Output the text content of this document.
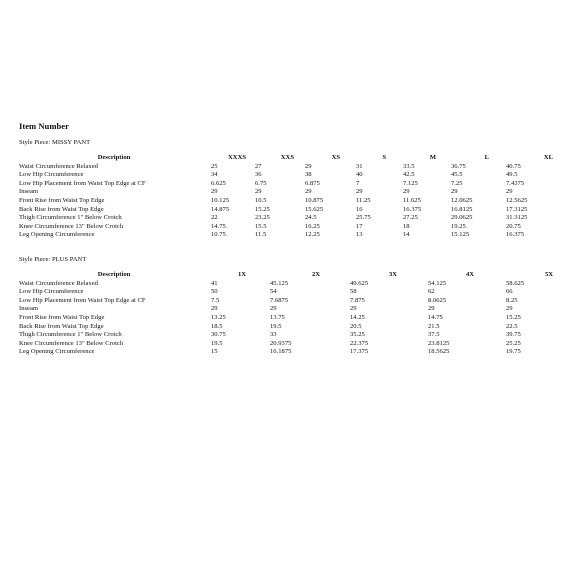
Item Number
Style Piece: MISSY PANT
Description	XXXS	XXS	XS	S	M	L	XL
Waist Circumference Relaxed	25	27	29	31	33.5	36.75	40.75
Low Hip Circumference	34	36	38	40	42.5	45.5	49.5
Low Hip Placement from Waist Top Edge at CF	6.625	6.75	6.875	7	7.125	7.25	7.4375
Inseam	29	29	29	29	29	29	29
Front Rise from Waist Top Edge	10.125	10.5	10.875	11.25	11.625	12.0625	12.5625
Back Rise from Waist Top Edge	14.875	15.25	15.625	16	16.375	16.8125	17.3125
Thigh Circumference 1" Below Crotch	22	23.25	24.5	25.75	27.25	29.0625	31.3125
Knee Circumference 13" Below Crotch	14.75	15.5	16.25	17	18	19.25	20.75
Leg Opening Circumference	10.75	11.5	12.25	13	14	15.125	16.375
Style Piece: PLUS PANT
Description	1X	2X	3X	4X	5X
Waist Circumference Relaxed	41	45.125	49.625	54.125	58.625
Low Hip Circumference	50	54	58	62	66
Low Hip Placement from Waist Top Edge at CF	7.5	7.6875	7.875	8.0625	8.25
Inseam	29	29	29	29	29
Front Rise from Waist Top Edge	13.25	13.75	14.25	14.75	15.25
Back Rise from Waist Top Edge	18.5	19.5	20.5	21.5	22.5
Thigh Circumference 1" Below Crotch	30.75	33	35.25	37.5	39.75
Knee Circumference 13" Below Crotch	19.5	20.9375	22.375	23.8125	25.25
Leg Opening Circumference	15	16.1875	17.375	18.5625	19.75
